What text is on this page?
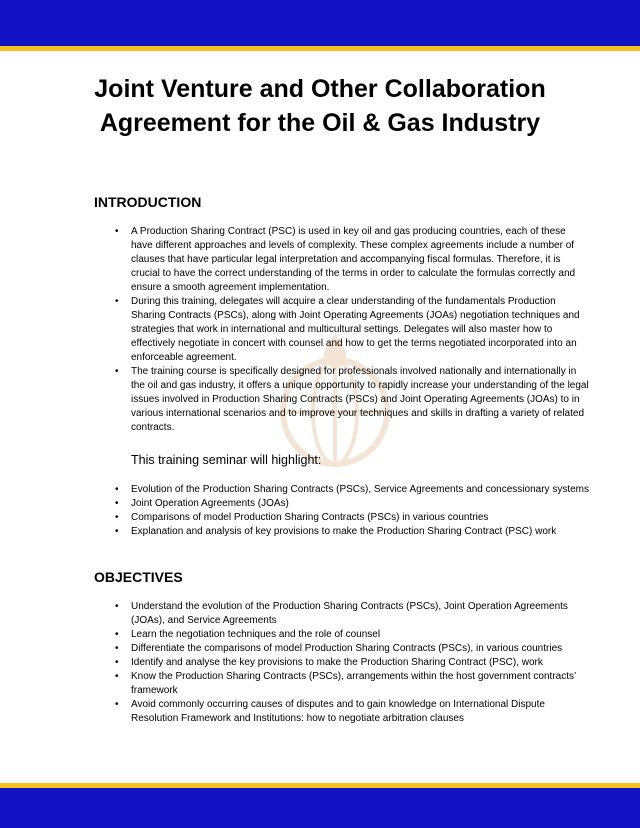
Joint Venture and Other Collaboration
Agreement for the Oil & Gas Industry
INTRODUCTION
• A Production Sharing Contract (PSC) is used in key oil and gas producing countries, each of these have different approaches and levels of complexity. These complex agreements include a number of clauses that have particular legal interpretation and accompanying fiscal formulas. Therefore, it is crucial to have the correct understanding of the terms in order to calculate the formulas correctly and ensure a smooth agreement implementation.
• During this training, delegates will acquire a clear understanding of the fundamentals Production Sharing Contracts (PSCs), along with Joint Operating Agreements (JOAs) negotiation techniques and strategies that work in international and multicultural settings. Delegates will also master how to effectively negotiate in concert with counsel and how to get the terms negotiated incorporated into an enforceable agreement.
• The training course is specifically designed for professionals involved nationally and internationally in the oil and gas industry, it offers a unique opportunity to rapidly increase your understanding of the legal issues involved in Production Sharing Contracts (PSCs) and Joint Operating Agreements (JOAs) to in various international scenarios and to improve your techniques and skills in drafting a variety of related contracts.
This training seminar will highlight:
• Evolution of the Production Sharing Contracts (PSCs), Service Agreements and concessionary systems
• Joint Operation Agreements (JOAs)
• Comparisons of model Production Sharing Contracts (PSCs) in various countries
• Explanation and analysis of key provisions to make the Production Sharing Contract (PSC) work
OBJECTIVES
• Understand the evolution of the Production Sharing Contracts (PSCs), Joint Operation Agreements (JOAs), and Service Agreements
• Learn the negotiation techniques and the role of counsel
• Differentiate the comparisons of model Production Sharing Contracts (PSCs), in various countries
• Identify and analyse the key provisions to make the Production Sharing Contract (PSC), work
• Know the Production Sharing Contracts (PSCs), arrangements within the host government contracts’ framework
• Avoid commonly occurring causes of disputes and to gain knowledge on International Dispute Resolution Framework and Institutions: how to negotiate arbitration clauses
